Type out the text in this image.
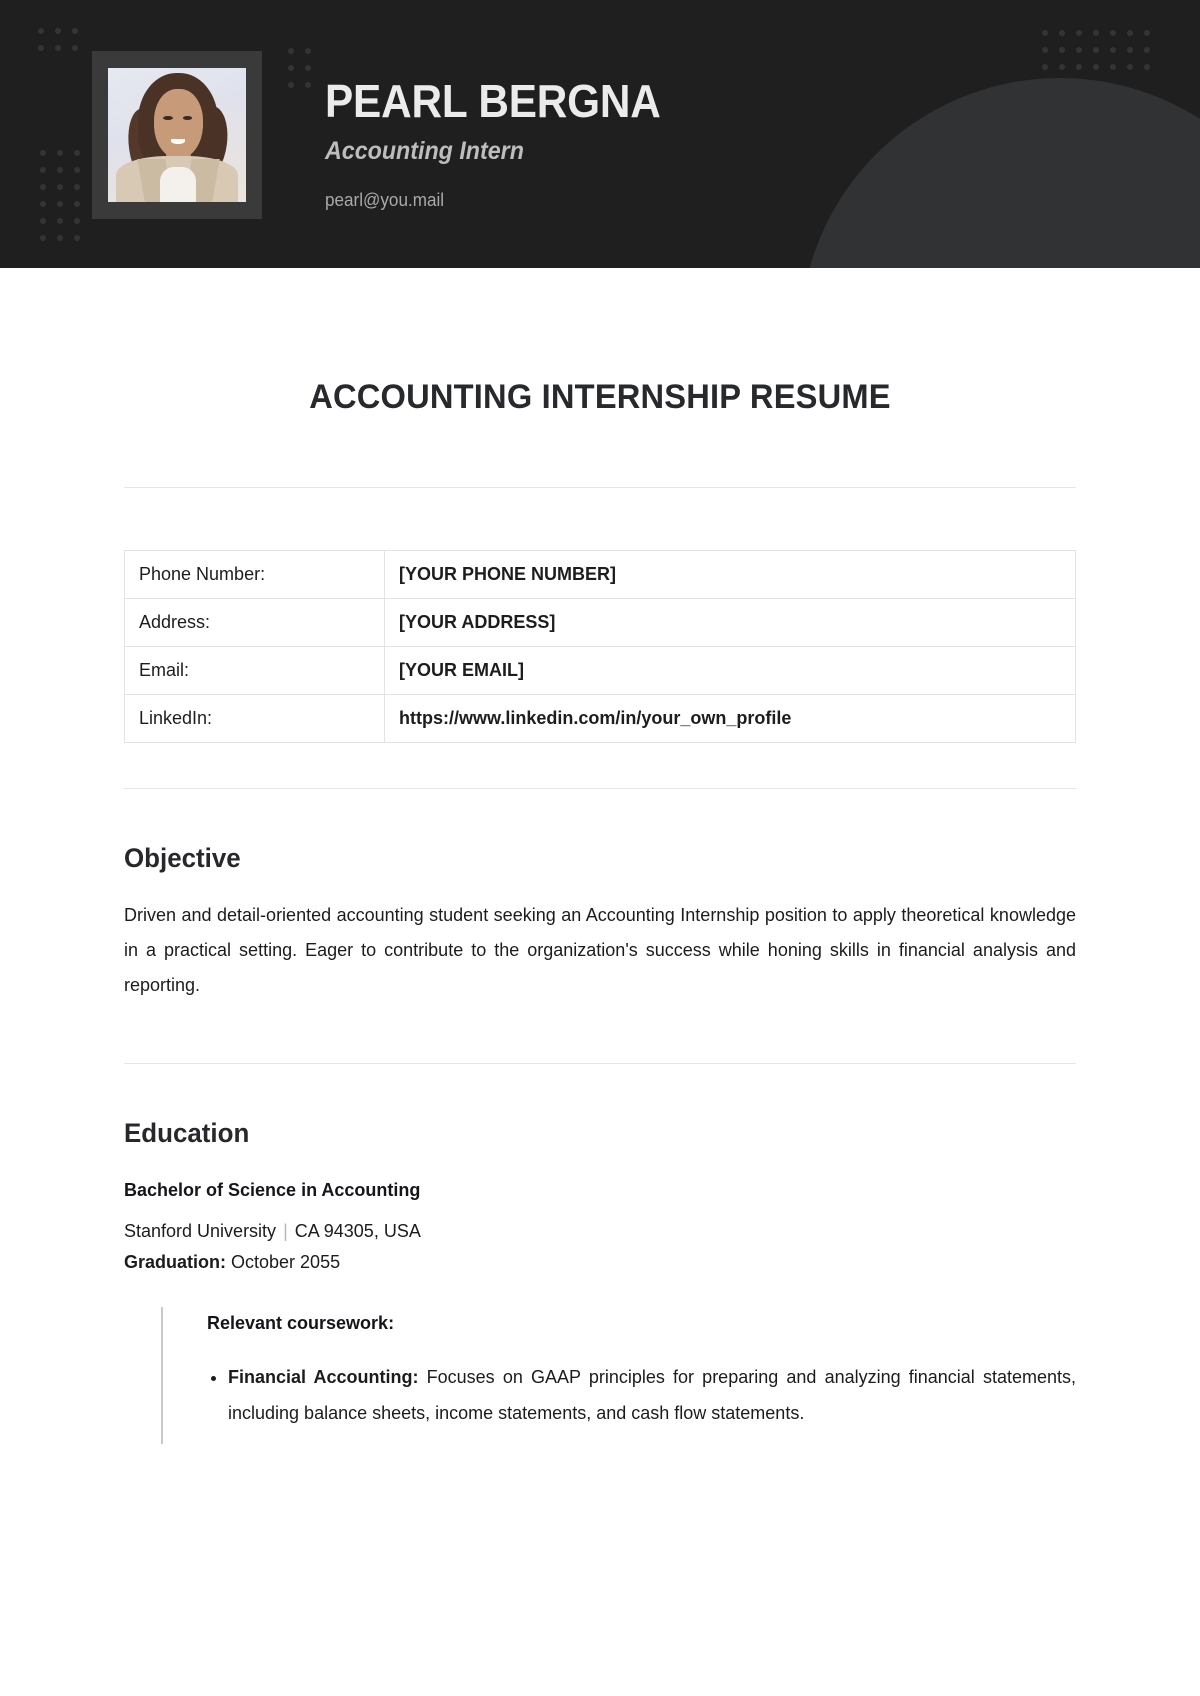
PEARL BERGNA
Accounting Intern
pearl@you.mail
ACCOUNTING INTERNSHIP RESUME
Phone Number:	[YOUR PHONE NUMBER]
Address:	[YOUR ADDRESS]
Email:	[YOUR EMAIL]
LinkedIn:	https://www.linkedin.com/in/your_own_profile
Objective

Driven and detail-oriented accounting student seeking an Accounting Internship position to apply theoretical knowledge in a practical setting. Eager to contribute to the organization's success while honing skills in financial analysis and reporting.

Education
Bachelor of Science in Accounting
Stanford University | CA 94305, USA
Graduation: October 2055
Relevant coursework:
• Financial Accounting: Focuses on GAAP principles for preparing and analyzing financial statements, including balance sheets, income statements, and cash flow statements.
